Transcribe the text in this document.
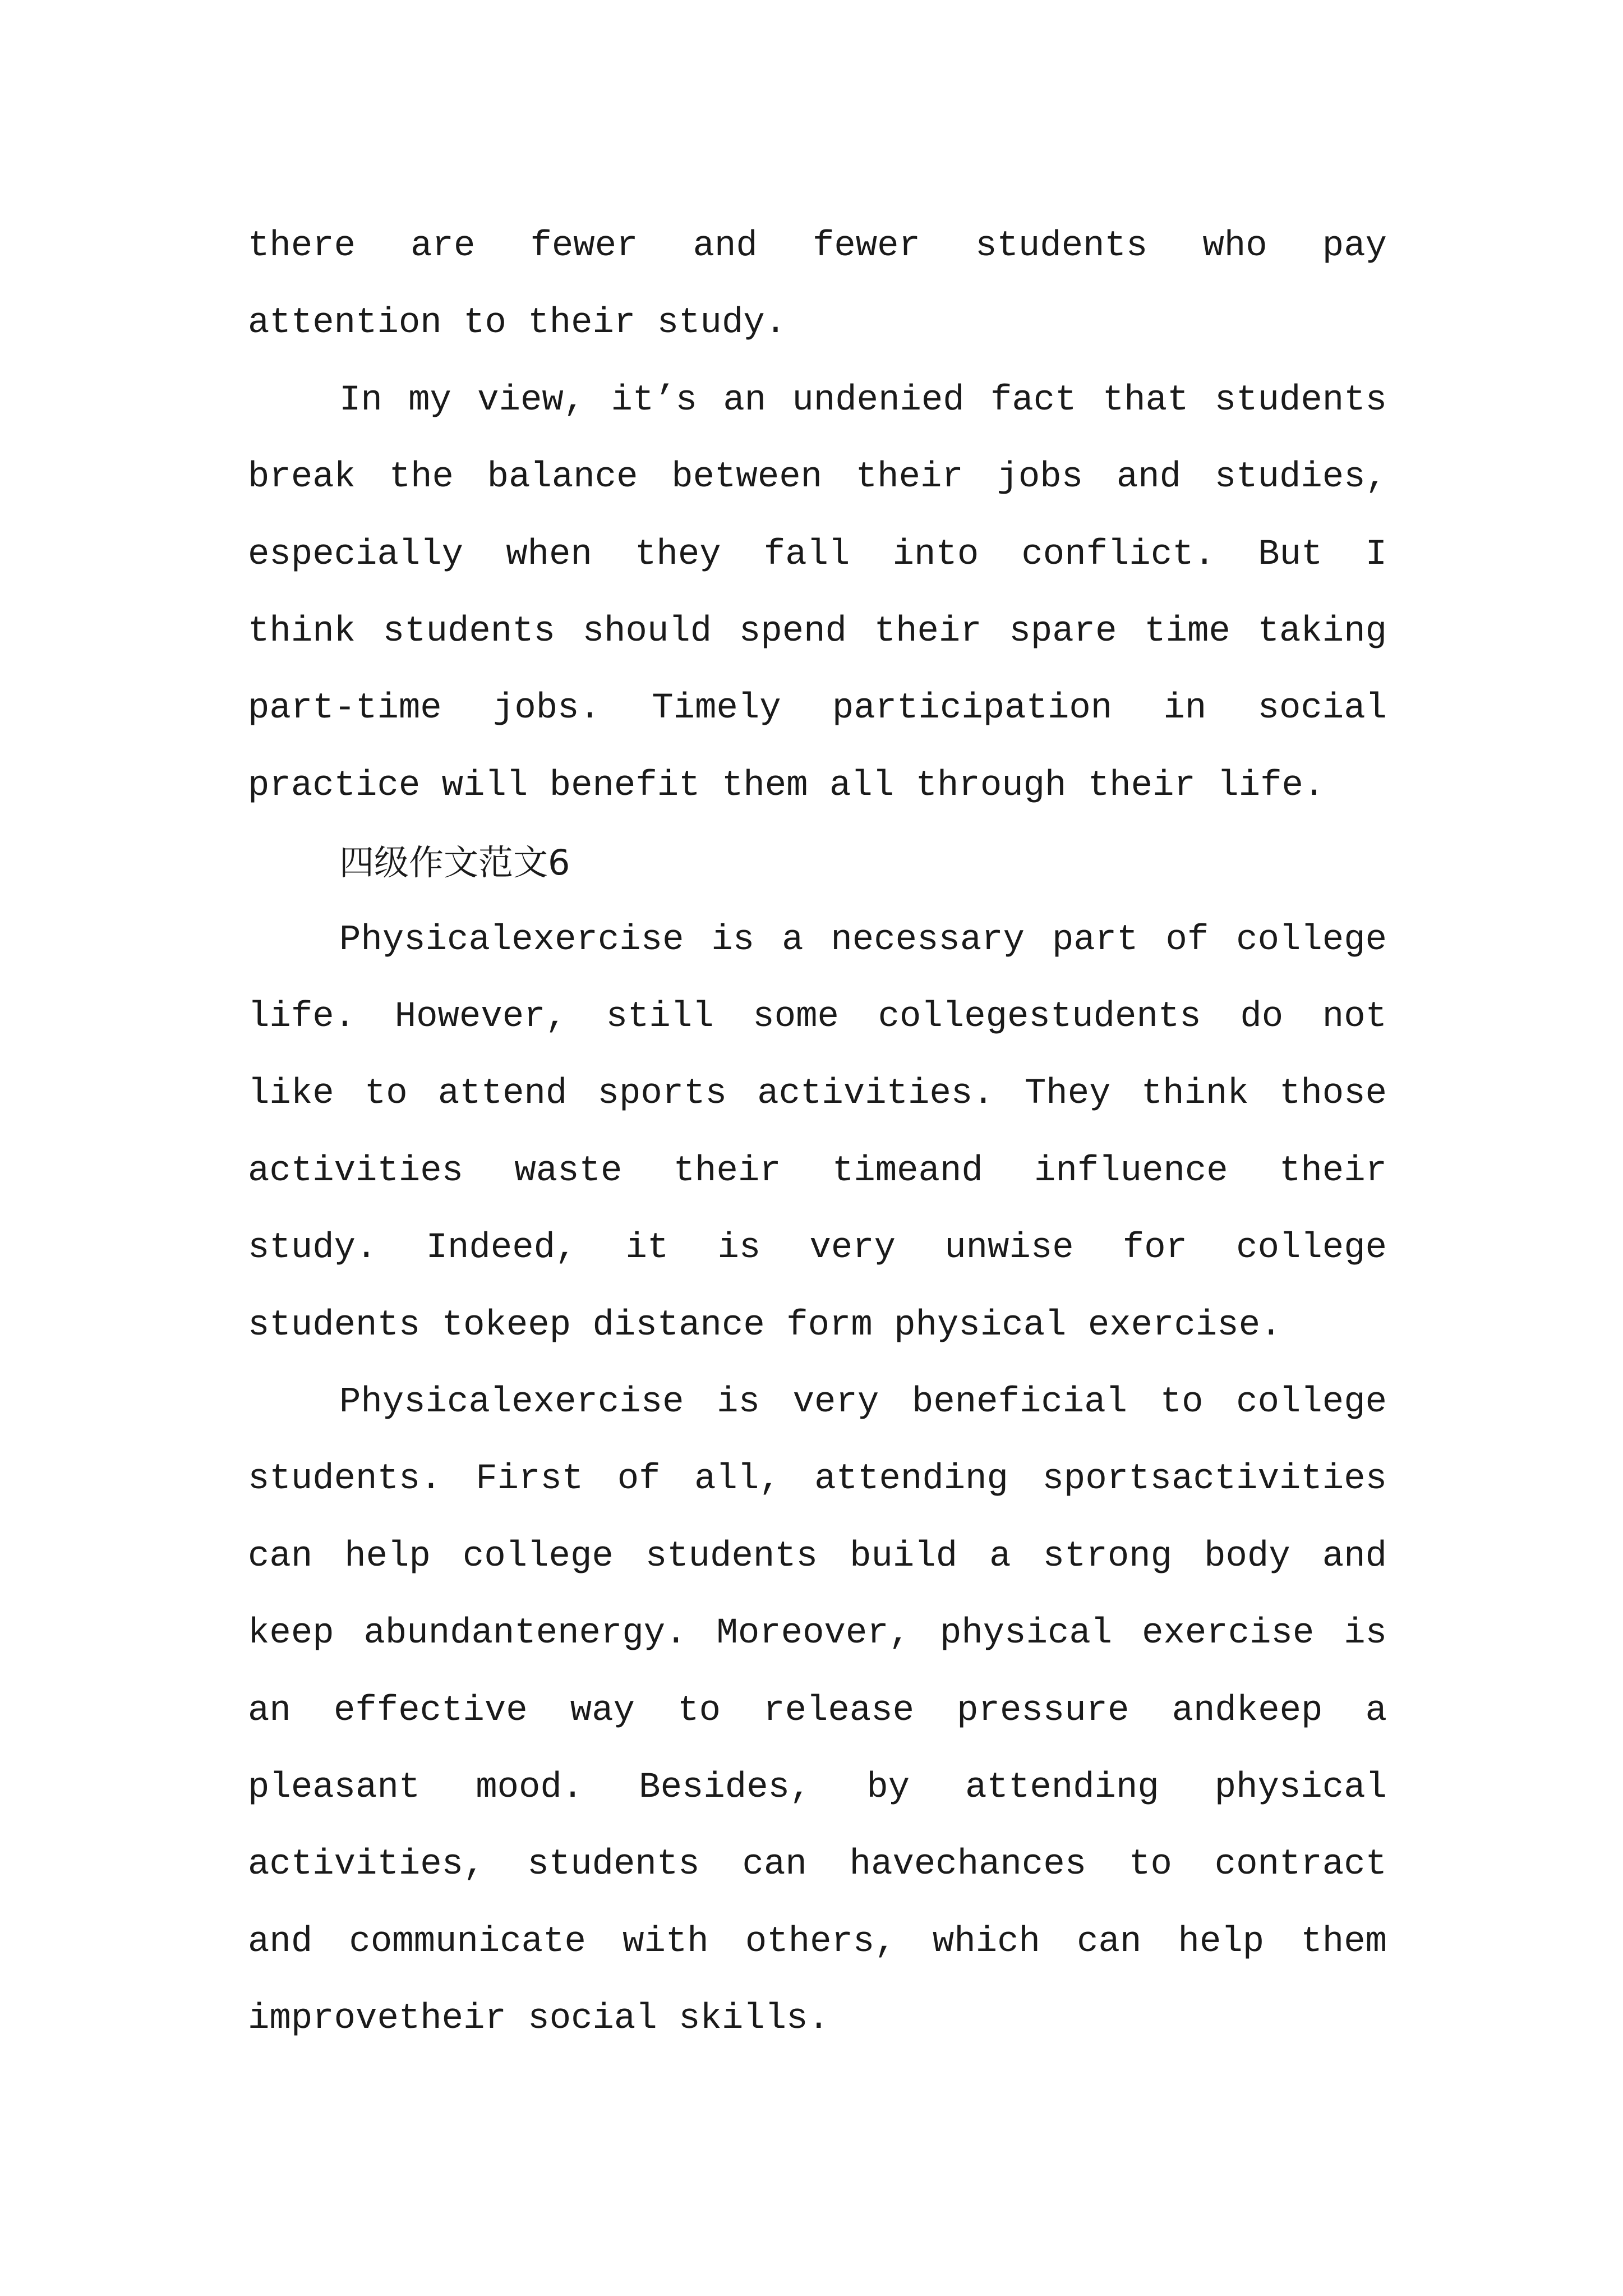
there are fewer and fewer students who pay
attention to their study.
In my view, it’s an undenied fact that students
break the balance between their jobs and studies,
especially when they fall into conflict. But I
think students should spend their spare time taking
part-time jobs. Timely participation in social
practice will benefit them all through their life.
四级作文范文6
Physicalexercise is a necessary part of college
life. However, still some collegestudents do not
like to attend sports activities. They think those
activities waste their timeand influence their
study. Indeed, it is very unwise for college
students tokeep distance form physical exercise.
Physicalexercise is very beneficial to college
students. First of all, attending sportsactivities
can help college students build a strong body and
keep abundantenergy. Moreover, physical exercise is
an effective way to release pressure andkeep a
pleasant mood. Besides, by attending physical
activities, students can havechances to contract
and communicate with others, which can help them
improvetheir social skills.
